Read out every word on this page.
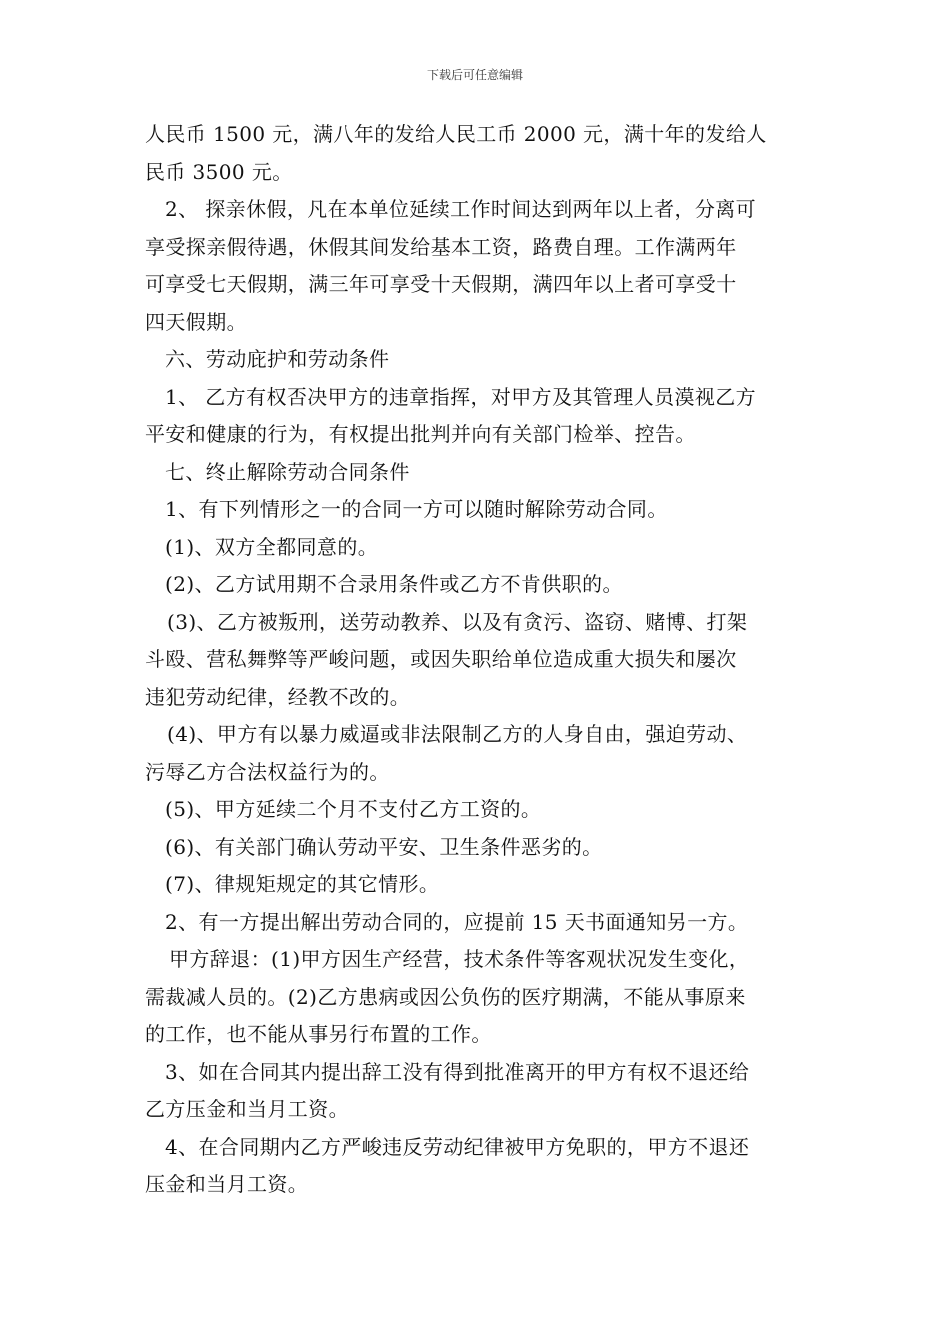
下载后可任意编辑
人民币 1500 元，满八年的发给人民工币 2000 元，满十年的发给人
民币 3500 元。
2、 探亲休假，凡在本单位延续工作时间达到两年以上者，分离可
享受探亲假待遇，休假其间发给基本工资，路费自理。工作满两年
可享受七天假期，满三年可享受十天假期，满四年以上者可享受十
四天假期。
六、劳动庇护和劳动条件
1、 乙方有权否决甲方的违章指挥，对甲方及其管理人员漠视乙方
平安和健康的行为，有权提出批判并向有关部门检举、控告。
七、终止解除劳动合同条件
1、有下列情形之一的合同一方可以随时解除劳动合同。
(1)、双方全都同意的。
(2)、乙方试用期不合录用条件或乙方不肯供职的。
(3)、乙方被叛刑，送劳动教养、以及有贪污、盗窃、赌博、打架
斗殴、营私舞弊等严峻问题，或因失职给单位造成重大损失和屡次
违犯劳动纪律，经教不改的。
(4)、甲方有以暴力威逼或非法限制乙方的人身自由，强迫劳动、
污辱乙方合法权益行为的。
(5)、甲方延续二个月不支付乙方工资的。
(6)、有关部门确认劳动平安、卫生条件恶劣的。
(7)、律规矩规定的其它情形。
2、有一方提出解出劳动合同的，应提前 15 天书面通知另一方。
甲方辞退：(1)甲方因生产经营，技术条件等客观状况发生变化，
需裁减人员的。(2)乙方患病或因公负伤的医疗期满，不能从事原来
的工作，也不能从事另行布置的工作。
3、如在合同其内提出辞工没有得到批准离开的甲方有权不退还给
乙方压金和当月工资。
4、在合同期内乙方严峻违反劳动纪律被甲方免职的，甲方不退还
压金和当月工资。
